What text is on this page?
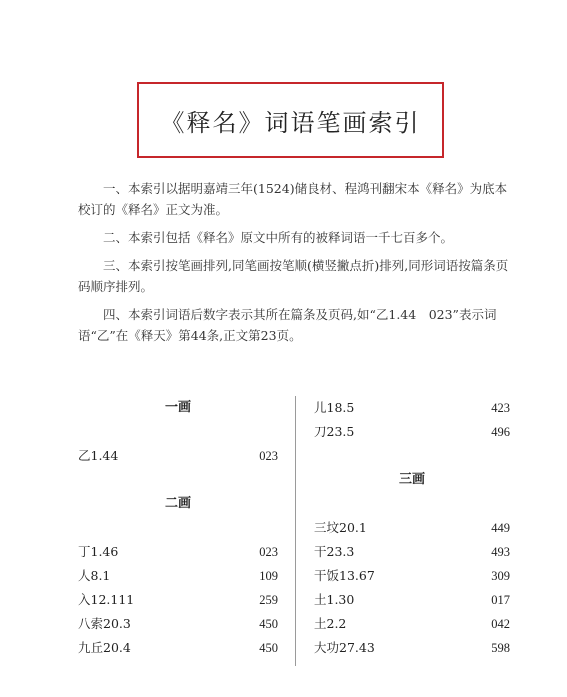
《释名》词语笔画索引

一、本索引以据明嘉靖三年(1524)储良材、程鸿刊翻宋本《释名》为底本校订的《释名》正文为准。

二、本索引包括《释名》原文中所有的被释词语一千七百多个。

三、本索引按笔画排列,同笔画按笔顺(横竖撇点折)排列,同形词语按篇条页码顺序排列。

四、本索引词语后数字表示其所在篇条及页码,如“乙1.44　023”表示词语“乙”在《释天》第44条,正文第23页。

一画
乙1.44	023
二画
丁1.46	023
人8.1	109
入12.111	259
八索20.3	450
九丘20.4	450
儿18.5	423
刀23.5	496
三画
三坟20.1	449
干23.3	493
干饭13.67	309
土1.30	017
土2.2	042
大功27.43	598
